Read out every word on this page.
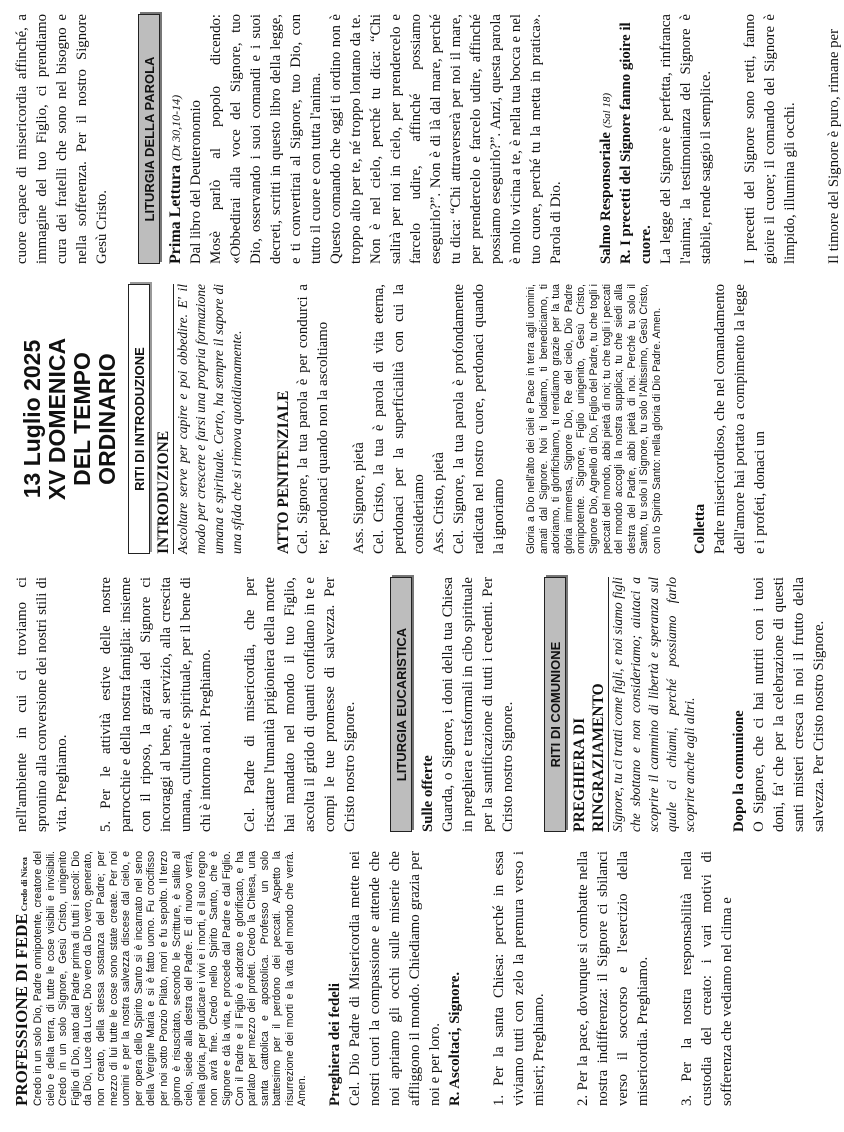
PROFESSIONE DI FEDE Credo di Nicea Credo in un solo Dio, Padre onnipotente, creatore del cielo e della terra, di tutte le cose visibili e invisibili. Credo in un solo Signore, Gesù Cristo, unigenito Figlio di Dio, nato dal Padre prima di tutti i secoli: Dio da Dio, Luce da Luce, Dio vero da Dio vero, generato, non creato, della stessa sostanza del Padre; per mezzo di lui tutte le cose sono state create. Per noi uomini e per la nostra salvezza discese dal cielo, e per opera dello Spirito Santo si è incarnato nel seno della Vergine Maria e si è fatto uomo. Fu crocifisso per noi sotto Ponzio Pilato, morì e fu sepolto. Il terzo giorno è risuscitato, secondo le Scritture, è salito al cielo, siede alla destra del Padre. E di nuovo verrà, nella gloria, per giudicare i vivi e i morti, e il suo regno non avrà fine. Credo nello Spirito Santo, che è Signore e dà la vita, e procede dal Padre e dal Figlio. Con il Padre e il Figlio è adorato e glorificato, e ha parlato per mezzo dei profeti. Credo la Chiesa, una santa cattolica e apostolica. Professo un solo battesimo per il perdono dei peccati. Aspetto la risurrezione dei morti e la vita del mondo che verrà. Amen. Preghiera dei fedeli Cel. Dio Padre di Misericordia mette nei nostri cuori la compassione e attende che noi apriamo gli occhi sulle miserie che affliggono il mondo. Chiediamo grazia per noi e per loro. R. Ascoltaci, Signore. 1. Per la santa Chiesa: perché in essa viviamo tutti con zelo la premura verso i miseri; Preghiamo. 2. Per la pace, dovunque si combatte nella nostra indifferenza: il Signore ci sbilanci verso il soccorso e l'esercizio della misericordia. Preghiamo. 3. Per la nostra responsabilità nella custodia del creato: i vari motivi di sofferenza che vediamo nel clima e

nell'ambiente in cui ci troviamo ci spronino alla conversione dei nostri stili di vita. Preghiamo. 5. Per le attività estive delle nostre parrocchie e della nostra famiglia: insieme con il riposo, la grazia del Signore ci incoraggi al bene, al servizio, alla crescita umana, culturale e spirituale, per il bene di chi è intorno a noi. Preghiamo. Cel. Padre di misericordia, che per riscattare l'umanità prigioniera della morte hai mandato nel mondo il tuo Figlio, ascolta il grido di quanti confidano in te e compi le tue promesse di salvezza. Per Cristo nostro Signore.	LITURGIA EUCARISTICA

Sulle offerte Guarda, o Signore, i doni della tua Chiesa in preghiera e trasformali in cibo spirituale per la santificazione di tutti i credenti. Per Cristo nostro Signore.	RITI DI COMUNIONE

PREGHIERA DI RINGRAZIAMENTO Signore, tu ci tratti come figli, e noi siamo figli che sbottano e non consideriamo; aiutaci a scoprire il cammino di libertà e speranza sul quale ci chiami, perché possiamo farlo scoprire anche agli altri. Dopo la comunione O Signore, che ci hai nutriti con i tuoi doni, fa' che per la celebrazione di questi santi misteri cresca in noi il frutto della salvezza. Per Cristo nostro Signore.

13 Luglio 2025 XV DOMENICA DEL TEMPO ORDINARIO RITI DI INTRODUZIONE

INTRODUZIONE Ascoltare serve per capire e poi obbedire. E' il modo per crescere e farsi una propria formazione umana e spirituale. Certo, ha sempre il sapore di una sfida che si rimova quotidianamente. ATTO PENITENZIALE Cel. Signore, la tua parola è per condurci a te; perdonaci quando non la ascoltiamo Ass. Signore, pietà Cel. Cristo, la tua è parola di vita eterna, perdonaci per la superficialità con cui la consideriamo Ass. Cristo, pietà Cel. Signore, la tua parola è profondamente radicata nel nostro cuore, perdonaci quando la ignoriamo Gloria a Dio nell'alto dei cieli e Pace in terra agli uomini, amati dal Signore. Noi ti lodiamo, ti benediciamo, ti adoriamo, ti glorifichiamo, ti rendiamo grazie per la tua gloria immensa, Signore Dio, Re del cielo, Dio Padre onnipotente. Signore, Figlio unigenito, Gesù Cristo, Signore Dio, Agnello di Dio, Figlio del Padre, tu che togli i peccati del mondo, abbi pietà di noi; tu che togli i peccati del mondo accogli la nostra supplica; tu che siedi alla destra del Padre, abbi pietà di noi. Perché tu solo il Santo, tu solo il Signore, tu solo l'Altissimo, Gesù Cristo, con lo Spirito Santo: nella gloria di Dio Padre. Amen. Colletta Padre misericordioso, che nel comandamento dell'amore hai portato a compimento la legge e i profeti, donaci un

cuore capace di misericordia affinché, a immagine del tuo Figlio, ci prendiamo cura dei fratelli che sono nel bisogno e nella sofferenza. Per il nostro Signore Gesù Cristo.

LITURGIA DELLA PAROLA Prima Lettura (Dt 30,10-14) Dal libro del Deuteronomio Mosè parlò al popolo dicendo: «Obbedirai alla voce del Signore, tuo Dio, osservando i suoi comandi e i suoi decreti, scritti in questo libro della legge, e ti convertirai al Signore, tuo Dio, con tutto il cuore e con tutta l'anima. Questo comando che oggi ti ordino non è troppo alto per te, né troppo lontano da te. Non è nel cielo, perché tu dica: “Chi salirà per noi in cielo, per prendercelo e farcelo udire, affinché possiamo eseguirlo?”. Non è di là dal mare, perché tu dica: “Chi attraverserà per noi il mare, per prendercelo e farcelo udire, affinché possiamo eseguirlo?”. Anzi, questa parola è molto vicina a te, è nella tua bocca e nel tuo cuore, perché tu la metta in pratica». Parola di Dio. Salmo Responsoriale (Sal 18) R. I precetti del Signore fanno gioire il cuore. La legge del Signore è perfetta, rinfranca l'anima; la testimonianza del Signore è stabile, rende saggio il semplice. I precetti del Signore sono retti, fanno gioire il cuore; il comando del Signore è limpido, illumina gli occhi. Il timore del Signore è puro, rimane per
